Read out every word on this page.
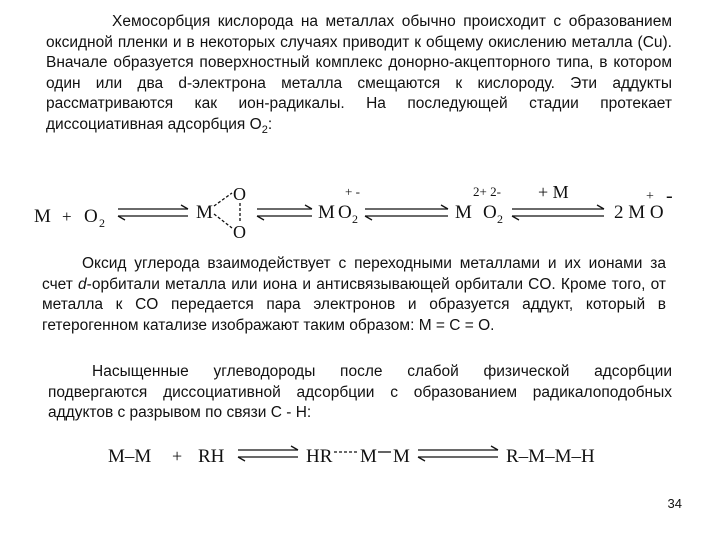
Хемосорбция кислорода на металлах обычно происходит с образованием оксидной пленки и в некоторых случаях приводит к общему окислению металла (Cu). Вначале образуется поверхностный комплекс донорно-акцепторного типа, в котором один или два d-электрона металла смещаются к кислороду. Эти аддукты рассматриваются как ион-радикалы. На последующей стадии протекает диссоциативная адсорбция $O_2$:
M + O 2	M
O
O
M O 2
+ -
M O 2
2+ 2- + M
2 M O
+ -
M–M + RH	HR M M	R–M–M–H
Оксид углерода взаимодействует с переходными металлами и их ионами за счет d-орбитали металла или иона и антисвязывающей орбитали CO. Кроме того, от металла к CO передается пара электронов и образуется аддукт, который в гетерогенном катализе изображают таким образом: M = C = O.
Насыщенные углеводороды после слабой физической адсорбции подвергаются диссоциативной адсорбции с образованием радикалоподобных аддуктов с разрывом по связи C - H:
34
